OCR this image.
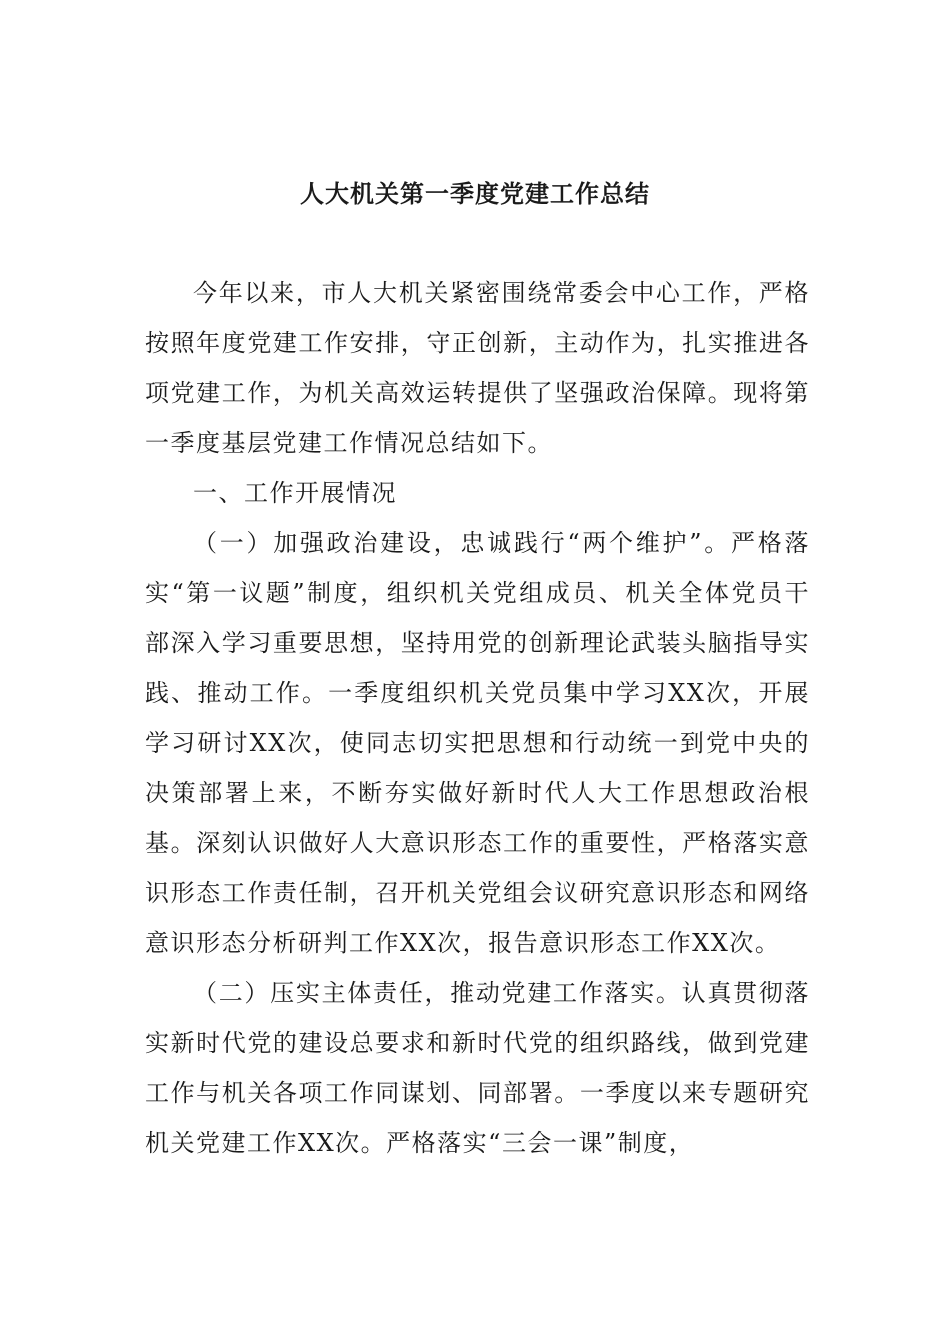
人大机关第一季度党建工作总结

今年以来，市人大机关紧密围绕常委会中心工作，严格按照年度党建工作安排，守正创新，主动作为，扎实推进各项党建工作，为机关高效运转提供了坚强政治保障。现将第一季度基层党建工作情况总结如下。

一、工作开展情况

（一）加强政治建设，忠诚践行“两个维护”。严格落实“第一议题”制度，组织机关党组成员、机关全体党员干部深入学习重要思想，坚持用党的创新理论武装头脑指导实践、推动工作。一季度组织机关党员集中学习XX次，开展学习研讨XX次，使同志切实把思想和行动统一到党中央的决策部署上来，不断夯实做好新时代人大工作思想政治根基。深刻认识做好人大意识形态工作的重要性，严格落实意识形态工作责任制，召开机关党组会议研究意识形态和网络意识形态分析研判工作XX次，报告意识形态工作XX次。

（二）压实主体责任，推动党建工作落实。认真贯彻落实新时代党的建设总要求和新时代党的组织路线，做到党建工作与机关各项工作同谋划、同部署。一季度以来专题研究机关党建工作XX次。严格落实“三会一课”制度，
